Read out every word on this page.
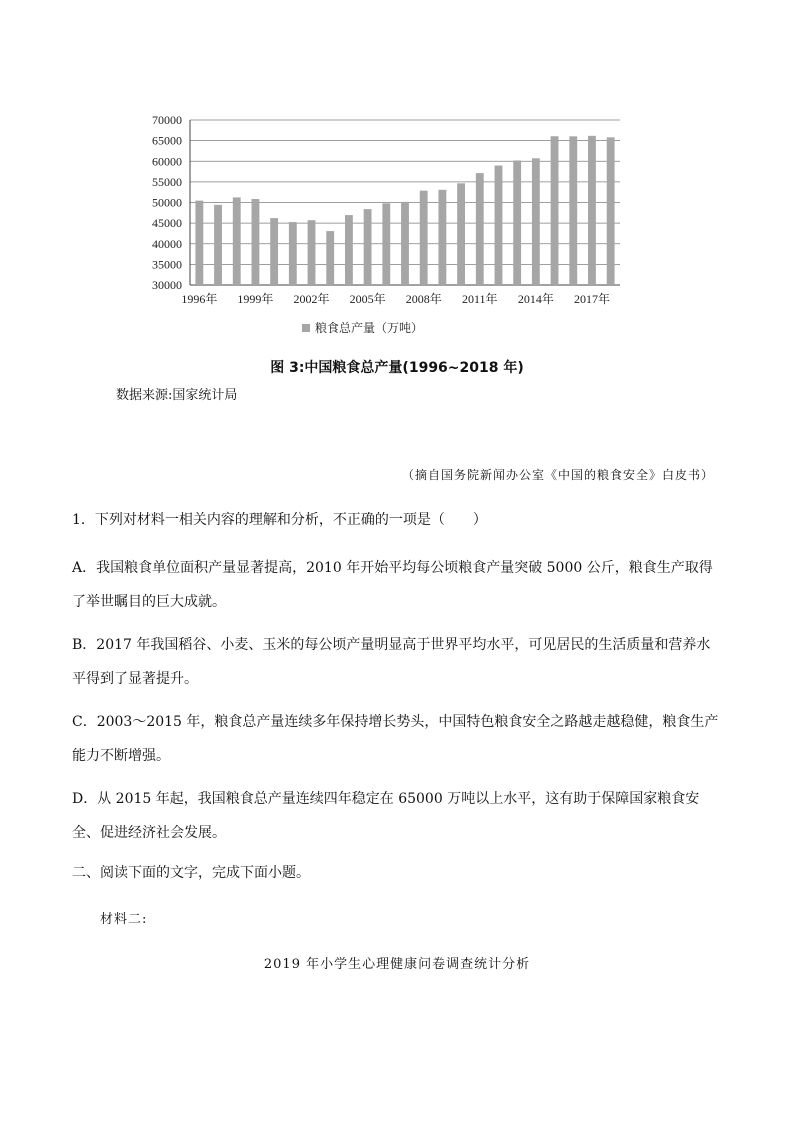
30000
35000
40000
45000
50000
55000
60000
65000
70000
1996年 1999年 2002年 2005年 2008年 2011年 2014年 2017年
粮食总产量（万吨）
图 3:中国粮食总产量(1996~2018 年)
数据来源:国家统计局
（摘自国务院新闻办公室《中国的粮食安全》白皮书）
1．下列对材料一相关内容的理解和分析，不正确的一项是（　　）
A．我国粮食单位面积产量显著提高，2010 年开始平均每公顷粮食产量突破 5000 公斤，粮食生产取得了举世瞩目的巨大成就。
B．2017 年我国稻谷、小麦、玉米的每公顷产量明显高于世界平均水平，可见居民的生活质量和营养水平得到了显著提升。
C．2003～2015 年，粮食总产量连续多年保持增长势头，中国特色粮食安全之路越走越稳健，粮食生产能力不断增强。
D．从 2015 年起，我国粮食总产量连续四年稳定在 65000 万吨以上水平，这有助于保障国家粮食安全、促进经济社会发展。
二、阅读下面的文字，完成下面小题。
材料二:
2019 年小学生心理健康问卷调查统计分析
